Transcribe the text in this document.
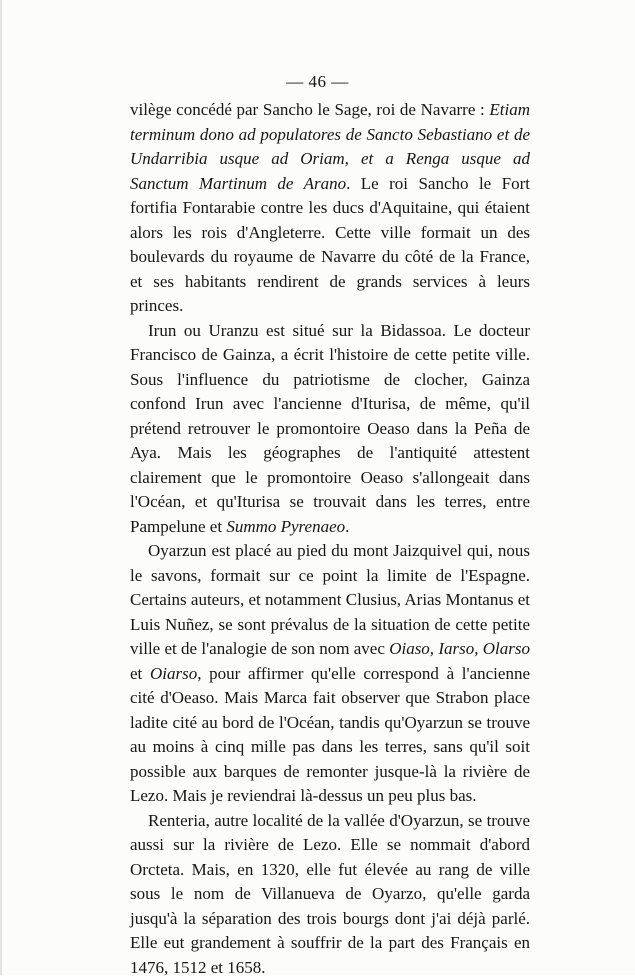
— 46 —

vilège concédé par Sancho le Sage, roi de Navarre : Etiam terminum dono ad populatores de Sancto Sebastiano et de Undarribia usque ad Oriam, et a Renga usque ad Sanctum Martinum de Arano. Le roi Sancho le Fort fortifia Fontarabie contre les ducs d'Aquitaine, qui étaient alors les rois d'Angleterre. Cette ville formait un des boulevards du royaume de Navarre du côté de la France, et ses habitants rendirent de grands services à leurs princes.

Irun ou Uranzu est situé sur la Bidassoa. Le docteur Francisco de Gainza, a écrit l'histoire de cette petite ville. Sous l'influence du patriotisme de clocher, Gainza confond Irun avec l'ancienne d'Iturisa, de même, qu'il prétend retrouver le promontoire Oeaso dans la Peña de Aya. Mais les géographes de l'antiquité attestent clairement que le promontoire Oeaso s'allongeait dans l'Océan, et qu'Iturisa se trouvait dans les terres, entre Pampelune et Summo Pyrenaeo.

Oyarzun est placé au pied du mont Jaizquivel qui, nous le savons, formait sur ce point la limite de l'Espagne. Certains auteurs, et notamment Clusius, Arias Montanus et Luis Nuñez, se sont prévalus de la situation de cette petite ville et de l'analogie de son nom avec Oiaso, Iarso, Olarso et Oiarso, pour affirmer qu'elle correspond à l'ancienne cité d'Oeaso. Mais Marca fait observer que Strabon place ladite cité au bord de l'Océan, tandis qu'Oyarzun se trouve au moins à cinq mille pas dans les terres, sans qu'il soit possible aux barques de remonter jusque-là la rivière de Lezo. Mais je reviendrai là-dessus un peu plus bas.

Renteria, autre localité de la vallée d'Oyarzun, se trouve aussi sur la rivière de Lezo. Elle se nommait d'abord Orcteta. Mais, en 1320, elle fut élevée au rang de ville sous le nom de Villanueva de Oyarzo, qu'elle garda jusqu'à la séparation des trois bourgs dont j'ai déjà parlé. Elle eut grandement à souffrir de la part des Français en 1476, 1512 et 1658.
